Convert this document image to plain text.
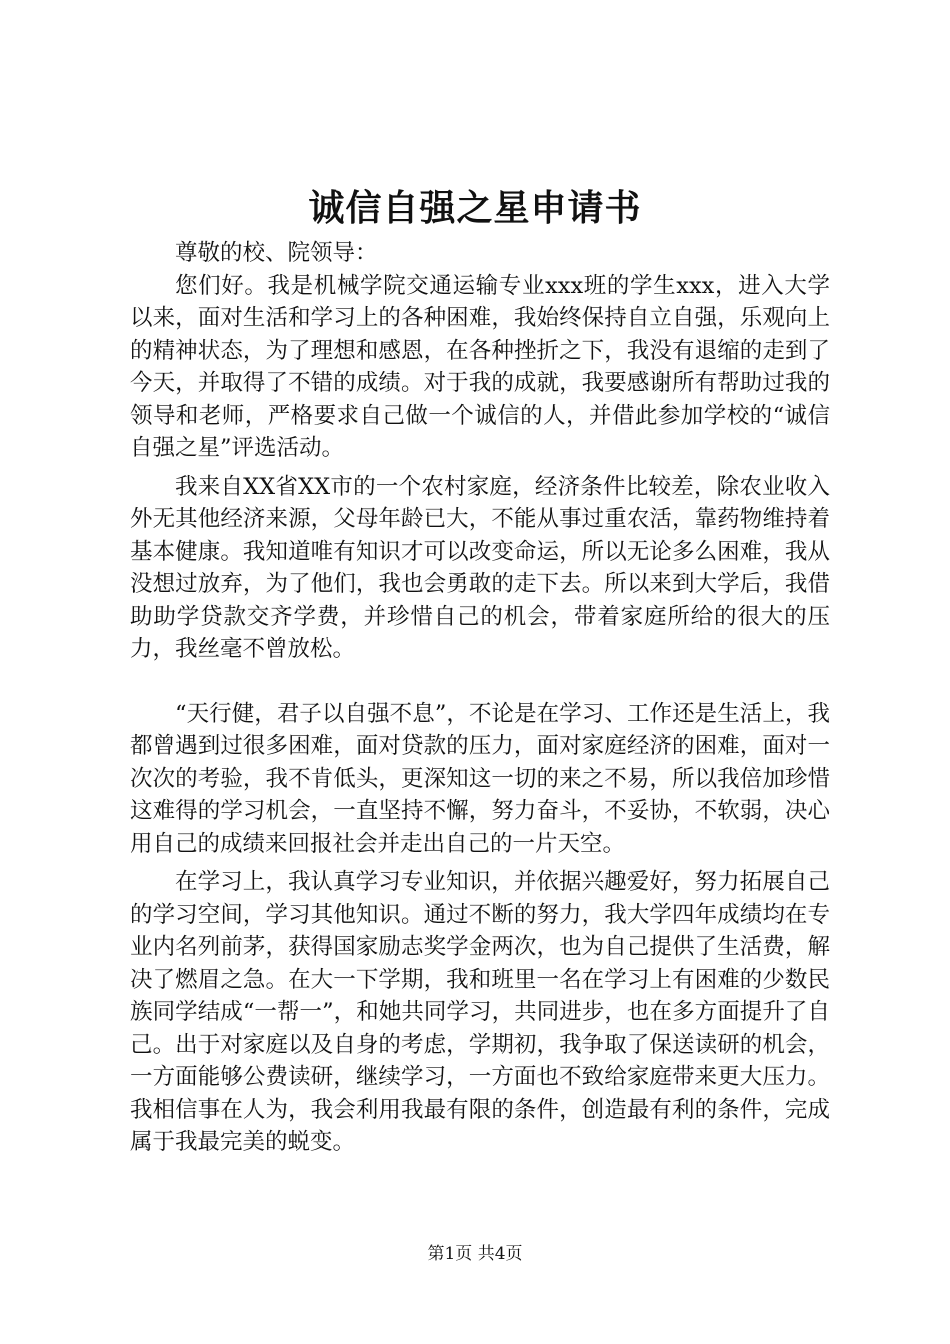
诚信自强之星申请书

尊敬的校、院领导：

您们好。我是机械学院交通运输专业xxx班的学生xxx，进入大学以来，面对生活和学习上的各种困难，我始终保持自立自强，乐观向上的精神状态，为了理想和感恩，在各种挫折之下，我没有退缩的走到了今天，并取得了不错的成绩。对于我的成就，我要感谢所有帮助过我的领导和老师，严格要求自己做一个诚信的人，并借此参加学校的“诚信自强之星”评选活动。

我来自XX省XX市的一个农村家庭，经济条件比较差，除农业收入外无其他经济来源，父母年龄已大，不能从事过重农活，靠药物维持着基本健康。我知道唯有知识才可以改变命运，所以无论多么困难，我从没想过放弃，为了他们，我也会勇敢的走下去。所以来到大学后，我借助助学贷款交齐学费，并珍惜自己的机会，带着家庭所给的很大的压力，我丝毫不曾放松。

“天行健，君子以自强不息”，不论是在学习、工作还是生活上，我都曾遇到过很多困难，面对贷款的压力，面对家庭经济的困难，面对一次次的考验，我不肯低头，更深知这一切的来之不易，所以我倍加珍惜这难得的学习机会，一直坚持不懈，努力奋斗，不妥协，不软弱，决心用自己的成绩来回报社会并走出自己的一片天空。

在学习上，我认真学习专业知识，并依据兴趣爱好，努力拓展自己的学习空间，学习其他知识。通过不断的努力，我大学四年成绩均在专业内名列前茅，获得国家励志奖学金两次，也为自己提供了生活费，解决了燃眉之急。在大一下学期，我和班里一名在学习上有困难的少数民族同学结成“一帮一”，和她共同学习，共同进步，也在多方面提升了自己。出于对家庭以及自身的考虑，学期初，我争取了保送读研的机会，一方面能够公费读研，继续学习，一方面也不致给家庭带来更大压力。我相信事在人为，我会利用我最有限的条件，创造最有利的条件，完成属于我最完美的蜕变。

第1页 共4页
